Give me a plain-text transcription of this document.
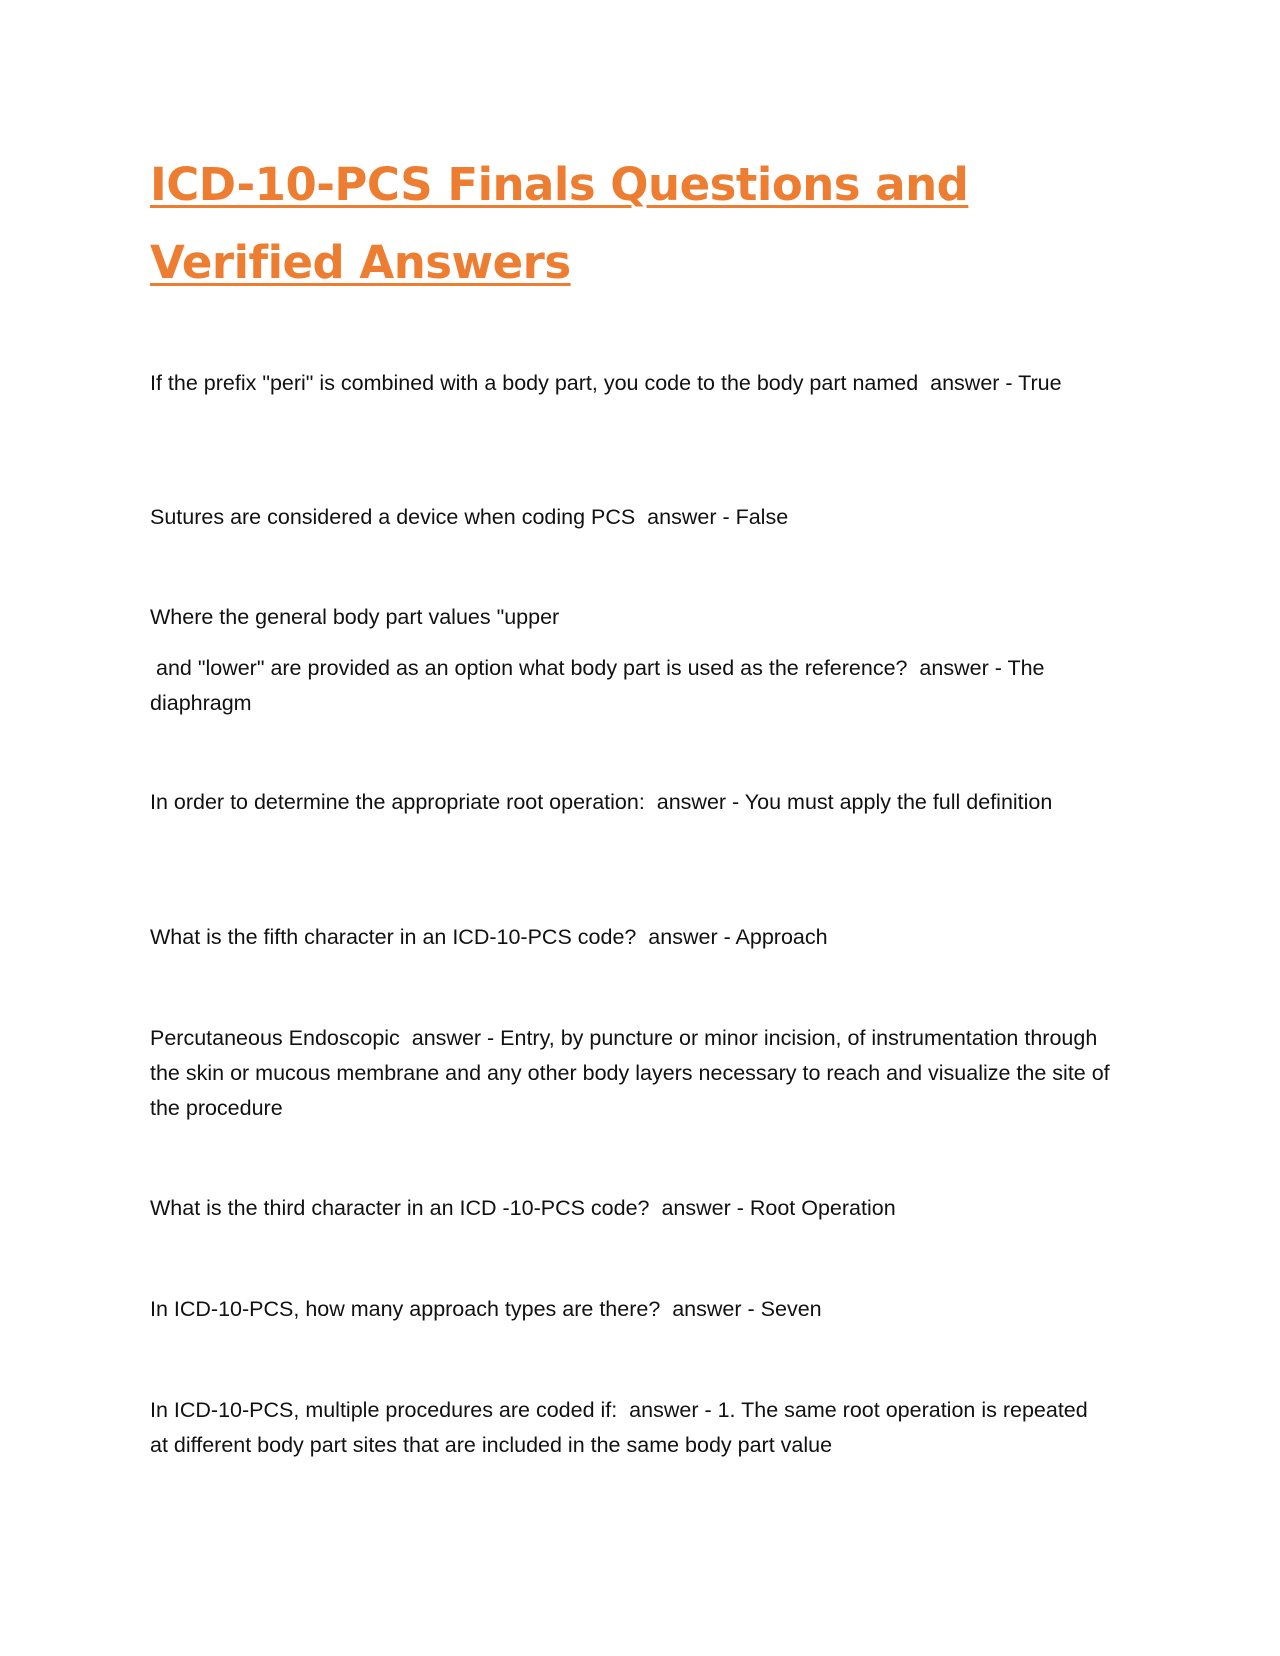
ICD-10-PCS Finals Questions and Verified Answers

If the prefix "peri" is combined with a body part, you code to the body part named  answer - True

Sutures are considered a device when coding PCS  answer - False

Where the general body part values "upper

and "lower" are provided as an option what body part is used as the reference?  answer - The diaphragm

In order to determine the appropriate root operation:  answer - You must apply the full definition

What is the fifth character in an ICD-10-PCS code?  answer - Approach

Percutaneous Endoscopic  answer - Entry, by puncture or minor incision, of instrumentation through the skin or mucous membrane and any other body layers necessary to reach and visualize the site of the procedure

What is the third character in an ICD -10-PCS code?  answer - Root Operation

In ICD-10-PCS, how many approach types are there?  answer - Seven

In ICD-10-PCS, multiple procedures are coded if:  answer - 1. The same root operation is repeated at different body part sites that are included in the same body part value
